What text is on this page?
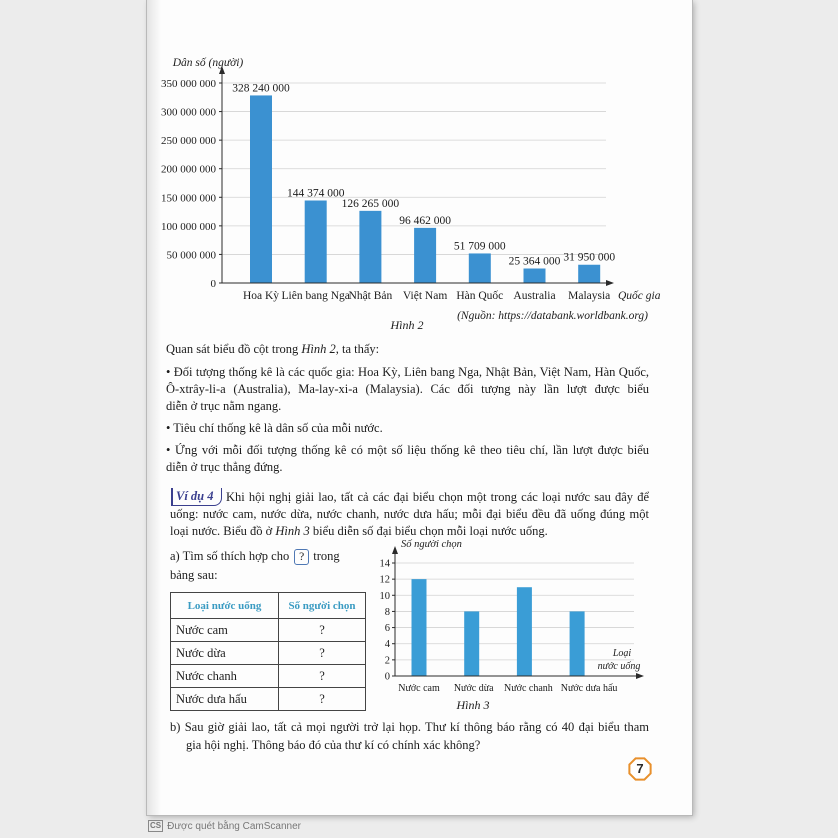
0
50 000 000
100 000 000
150 000 000
200 000 000
250 000 000
300 000 000
350 000 000 328 240 000
Hoa Kỳ
144 374 000
Liên bang Nga
126 265 000
Nhật Bản
96 462 000
Việt Nam
51 709 000
Hàn Quốc
25 364 000
Australia
31 950 000
Malaysia
Dân số (người)
Quốc gia
(Nguồn: https://databank.worldbank.org)
Hình 2
Quan sát biểu đồ cột trong Hình 2, ta thấy:
• Đối tượng thống kê là các quốc gia: Hoa Kỳ, Liên bang Nga, Nhật Bản, Việt Nam, Hàn Quốc,
Ô-xtrây-li-a (Australia), Ma-lay-xi-a (Malaysia). Các đối tượng này lần lượt được biểu
diễn ở trục nằm ngang.
• Tiêu chí thống kê là dân số của mỗi nước.
• Ứng với mỗi đối tượng thống kê có một số liệu thống kê theo tiêu chí, lần lượt được biểu
diễn ở trục thẳng đứng.
Ví dụ 4 Khi hội nghị giải lao, tất cả các đại biểu chọn một trong các loại nước sau đây để
uống: nước cam, nước dừa, nước chanh, nước dưa hấu; mỗi đại biểu đều đã uống đúng một
loại nước. Biểu đồ ở Hình 3 biểu diễn số đại biểu chọn mỗi loại nước uống.
a) Tìm số thích hợp cho ? trong
bảng sau:
Loại nước uống	Số người chọn
Nước cam	?
Nước dừa	?
Nước chanh	?
Nước dưa hấu	?
0
2
4
6
8
10
12
14
Nước cam Nước dừa Nước chanh Nước dưa hấu
Số người chọn
Loại
nước uống
Hình 3
b) Sau giờ giải lao, tất cả mọi người trở lại họp. Thư kí thông báo rằng có 40 đại biểu tham
gia hội nghị. Thông báo đó của thư kí có chính xác không?
7
CS Được quét bằng CamScanner
